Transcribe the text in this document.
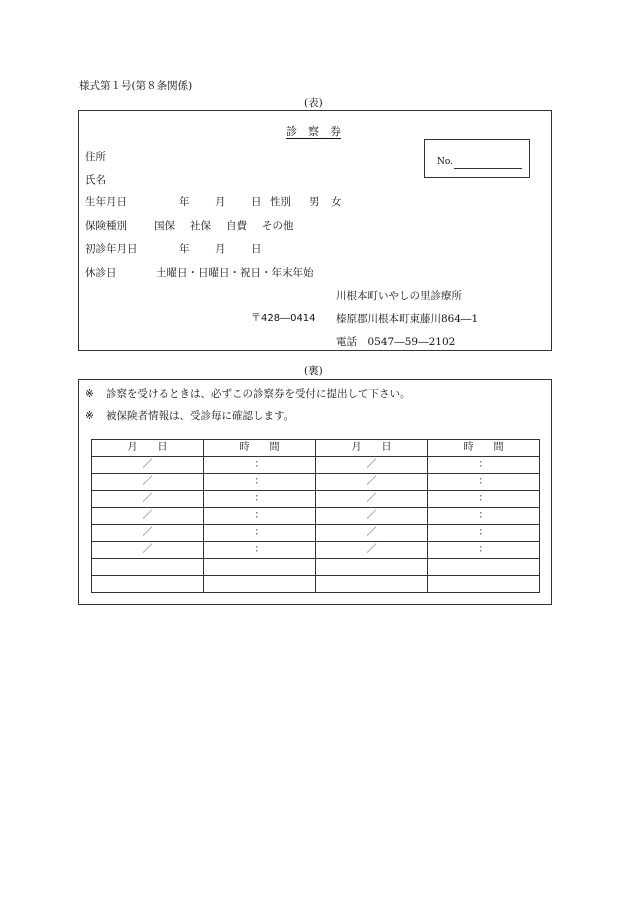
様式第１号(第８条関係)
(表)
診　察　券
No.
住所
氏名
生年月日	年 月 日 性別 男 女
保険種別	国保 社保 自費 その他
初診年月日	年 月 日
休診日	土曜日・日曜日・祝日・年末年始
川根本町いやしの里診療所
〒428―0414 榛原郡川根本町東藤川864―1
電話　0547―59―2102
(裏)
※ 診察を受けるときは、必ずこの診察券を受付に提出して下さい。
※ 被保険者情報は、受診毎に確認します。
月　　日	時　　間	月　　日	時　　間
／	：	／	：
／	：	／	：
／	：	／	：
／	：	／	：
／	：	／	：
／	：	／	：
